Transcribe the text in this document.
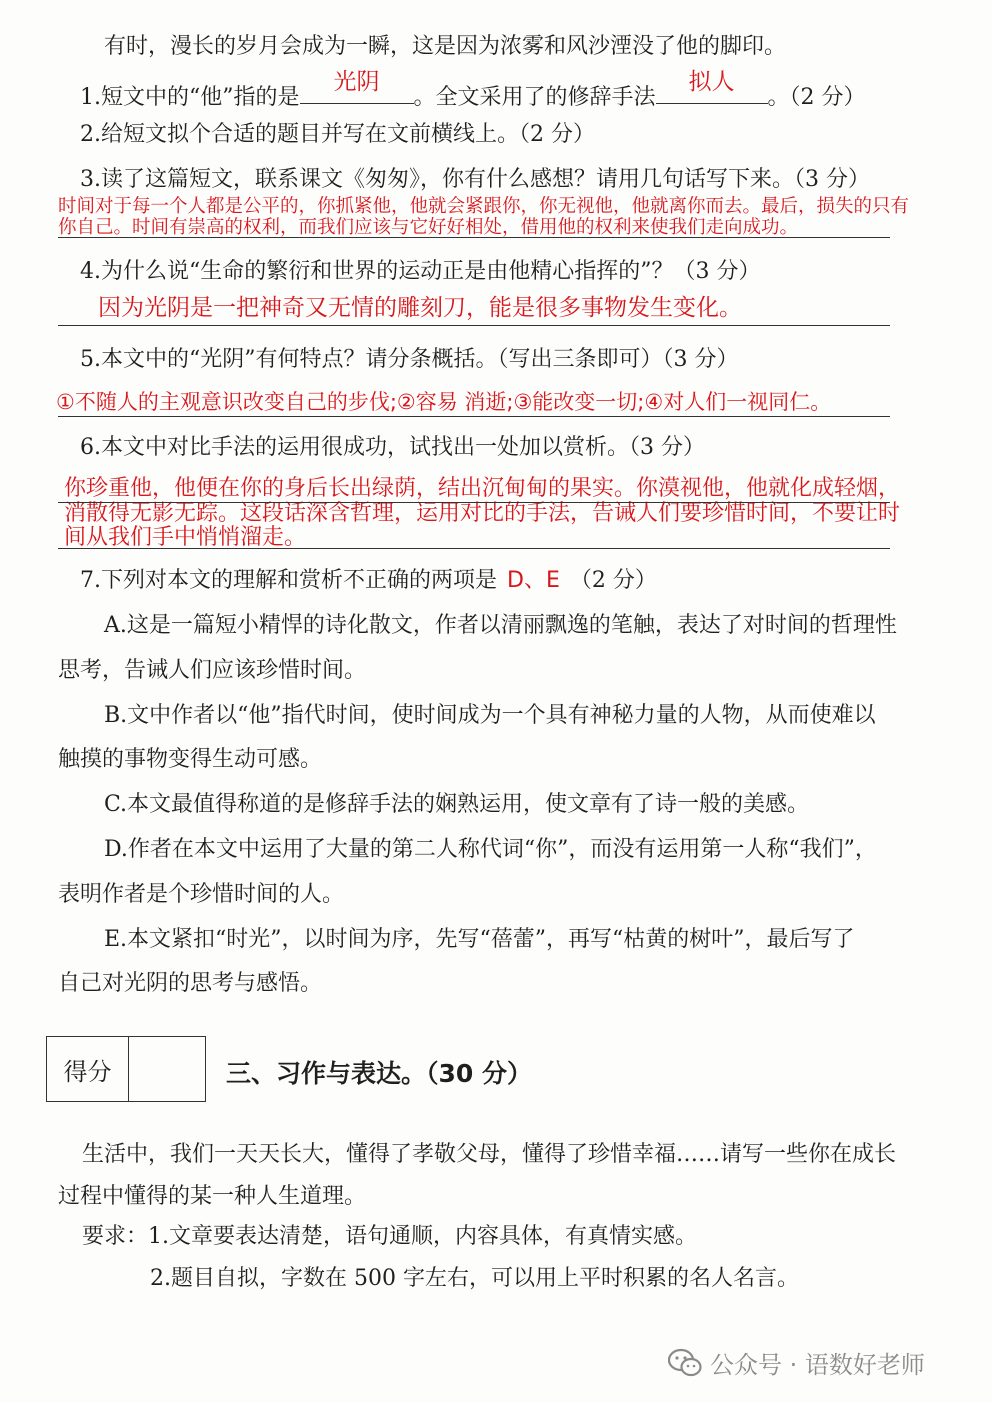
有时，漫长的岁月会成为一瞬，这是因为浓雾和风沙湮没了他的脚印。
1.短文中的“他”指的是
光阴
。全文采用了的修辞手法
拟人
。（2 分）
2.给短文拟个合适的题目并写在文前横线上。（2 分）
3.读了这篇短文，联系课文《匆匆》，你有什么感想？请用几句话写下来。（3 分）
时间对于每一个人都是公平的，你抓紧他，他就会紧跟你，你无视他，他就离你而去。最后，损失的只有
你自己。时间有崇高的权利，而我们应该与它好好相处，借用他的权利来使我们走向成功。
4.为什么说“生命的繁衍和世界的运动正是由他精心指挥的”？（3 分）
因为光阴是一把神奇又无情的雕刻刀，能是很多事物发生变化。
5.本文中的“光阴”有何特点？请分条概括。（写出三条即可）（3 分）
①不随人的主观意识改变自己的步伐;②容易 消逝;③能改变一切;④对人们一视同仁。
6.本文中对比手法的运用很成功，试找出一处加以赏析。（3 分）
你珍重他，他便在你的身后长出绿荫，结出沉甸甸的果实。你漠视他，他就化成轻烟，
消散得无影无踪。这段话深含哲理，运用对比的手法，告诫人们要珍惜时间，不要让时
间从我们手中悄悄溜走。
7.下列对本文的理解和赏析不正确的两项是 D、E （2 分）
A.这是一篇短小精悍的诗化散文，作者以清丽飘逸的笔触，表达了对时间的哲理性
思考，告诫人们应该珍惜时间。
B.文中作者以“他”指代时间，使时间成为一个具有神秘力量的人物，从而使难以
触摸的事物变得生动可感。
C.本文最值得称道的是修辞手法的娴熟运用，使文章有了诗一般的美感。
D.作者在本文中运用了大量的第二人称代词“你”，而没有运用第一人称“我们”，
表明作者是个珍惜时间的人。
E.本文紧扣“时光”，以时间为序，先写“蓓蕾”，再写“枯黄的树叶”，最后写了
自己对光阴的思考与感悟。
得分	三、习作与表达。（30 分）
生活中，我们一天天长大，懂得了孝敬父母，懂得了珍惜幸福……请写一些你在成长
过程中懂得的某一种人生道理。
要求：1.文章要表达清楚，语句通顺，内容具体，有真情实感。
2.题目自拟，字数在 500 字左右，可以用上平时积累的名人名言。
公众号 · 语数好老师
